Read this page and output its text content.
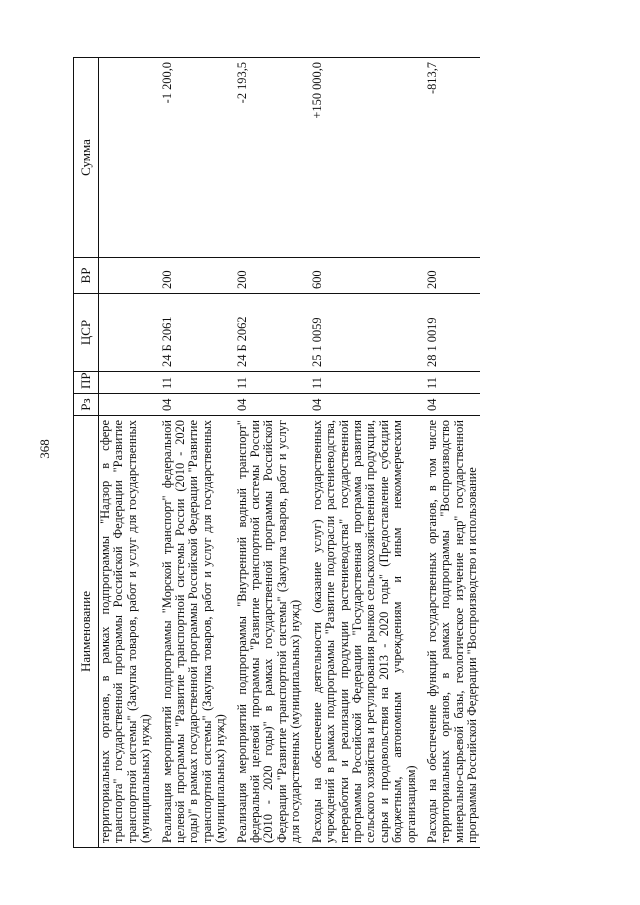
368
Наименование	Рз	ПР	ЦСР	ВР	Сумма
территориальных органов, в рамках подпрограммы "Надзор в сфере транспорта" государственной программы Российской Федерации "Развитие транспортной системы" (Закупка товаров, работ и услуг для государственных (муниципальных) нужд)					
Реализация мероприятий подпрограммы "Морской транспорт" федеральной целевой программы "Развитие транспортной системы России (2010 - 2020 годы)" в рамках государственной программы Российской Федерации "Развитие транспортной системы" (Закупка товаров, работ и услуг для государственных (муниципальных) нужд)	04	11	24 Б 2061	200	-1 200,0
Реализация мероприятий подпрограммы "Внутренний водный транспорт" федеральной целевой программы "Развитие транспортной системы России (2010 - 2020 годы)" в рамках государственной программы Российской Федерации "Развитие транспортной системы" (Закупка товаров, работ и услуг для государственных (муниципальных) нужд)	04	11	24 Б 2062	200	-2 193,5
Расходы на обеспечение деятельности (оказание услуг) государственных учреждений в рамках подпрограммы "Развитие подотрасли растениеводства, переработки и реализации продукции растениеводства" государственной программы Российской Федерации "Государственная программа развития сельского хозяйства и регулирования рынков сельскохозяйственной продукции, сырья и продовольствия на 2013 - 2020 годы" (Предоставление субсидий бюджетным, автономным учреждениям и иным некоммерческим организациям)	04	11	25 1 0059	600	+150 000,0
Расходы на обеспечение функций государственных органов, в том числе территориальных органов, в рамках подпрограммы "Воспроизводство минерально-сырьевой базы, геологическое изучение недр" государственной программы Российской Федерации "Воспроизводство и использование	04	11	28 1 0019	200	-813,7
